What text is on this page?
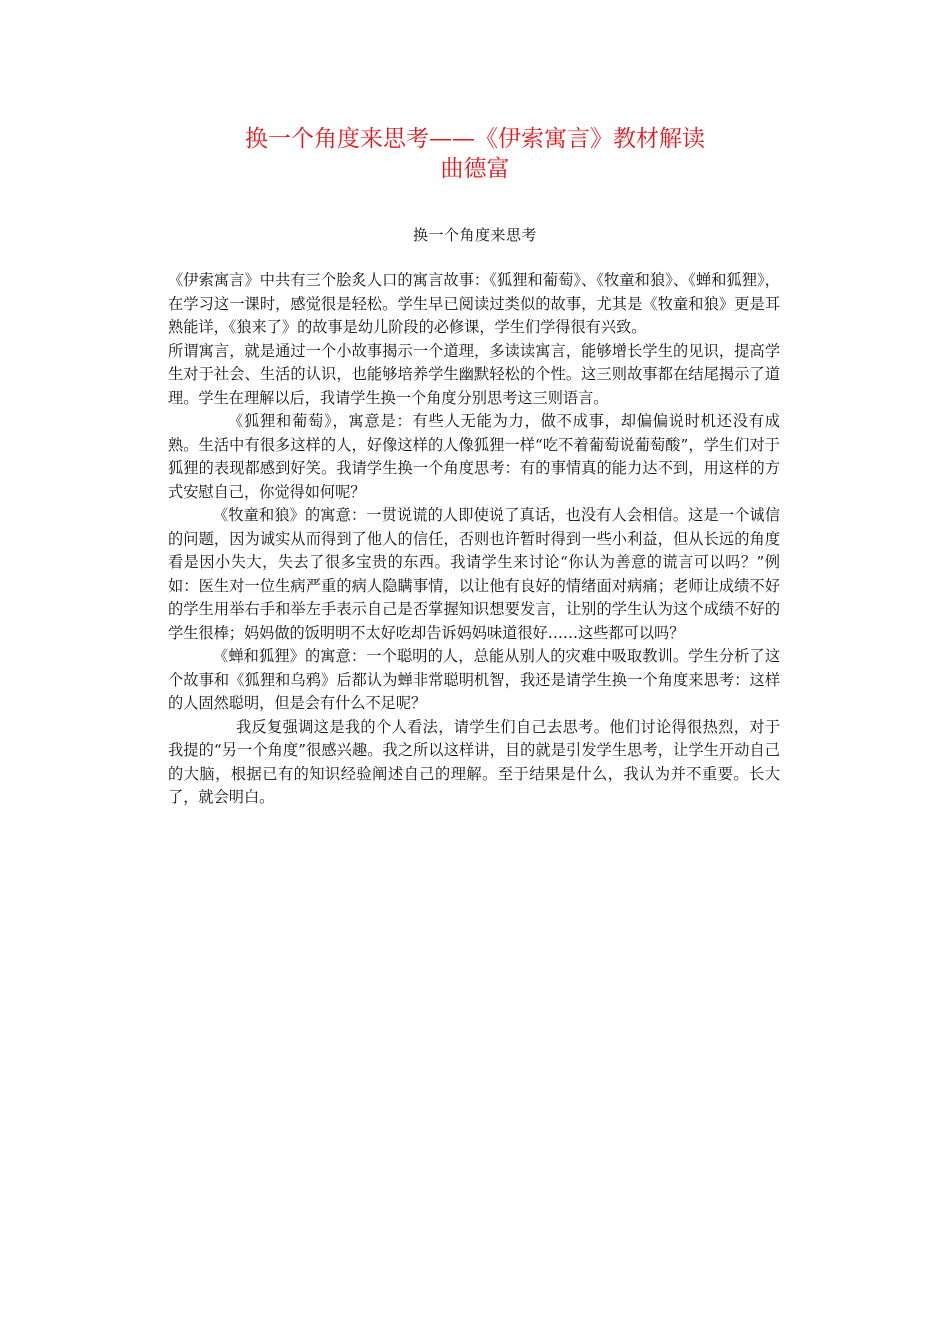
换一个角度来思考——《伊索寓言》教材解读
曲德富
换一个角度来思考

《伊索寓言》中共有三个脍炙人口的寓言故事：《狐狸和葡萄》、《牧童和狼》、《蝉和狐狸》，在学习这一课时，感觉很是轻松。学生早已阅读过类似的故事，尤其是《牧童和狼》更是耳熟能详，《狼来了》的故事是幼儿阶段的必修课，学生们学得很有兴致。

所谓寓言，就是通过一个小故事揭示一个道理，多读读寓言，能够增长学生的见识，提高学生对于社会、生活的认识，也能够培养学生幽默轻松的个性。这三则故事都在结尾揭示了道理。学生在理解以后，我请学生换一个角度分别思考这三则语言。

《狐狸和葡萄》，寓意是：有些人无能为力，做不成事，却偏偏说时机还没有成熟。生活中有很多这样的人，好像这样的人像狐狸一样“吃不着葡萄说葡萄酸”，学生们对于狐狸的表现都感到好笑。我请学生换一个角度思考：有的事情真的能力达不到，用这样的方式安慰自己，你觉得如何呢？

《牧童和狼》的寓意：一贯说谎的人即使说了真话，也没有人会相信。这是一个诚信的问题，因为诚实从而得到了他人的信任，否则也许暂时得到一些小利益，但从长远的角度看是因小失大，失去了很多宝贵的东西。我请学生来讨论“你认为善意的谎言可以吗？”例如：医生对一位生病严重的病人隐瞒事情，以让他有良好的情绪面对病痛；老师让成绩不好的学生用举右手和举左手表示自己是否掌握知识想要发言，让别的学生认为这个成绩不好的学生很棒；妈妈做的饭明明不太好吃却告诉妈妈味道很好……这些都可以吗？

《蝉和狐狸》的寓意：一个聪明的人，总能从别人的灾难中吸取教训。学生分析了这个故事和《狐狸和乌鸦》后都认为蝉非常聪明机智，我还是请学生换一个角度来思考：这样的人固然聪明，但是会有什么不足呢？

我反复强调这是我的个人看法，请学生们自己去思考。他们讨论得很热烈，对于我提的“另一个角度”很感兴趣。我之所以这样讲，目的就是引发学生思考，让学生开动自己的大脑，根据已有的知识经验阐述自己的理解。至于结果是什么，我认为并不重要。长大了，就会明白。
